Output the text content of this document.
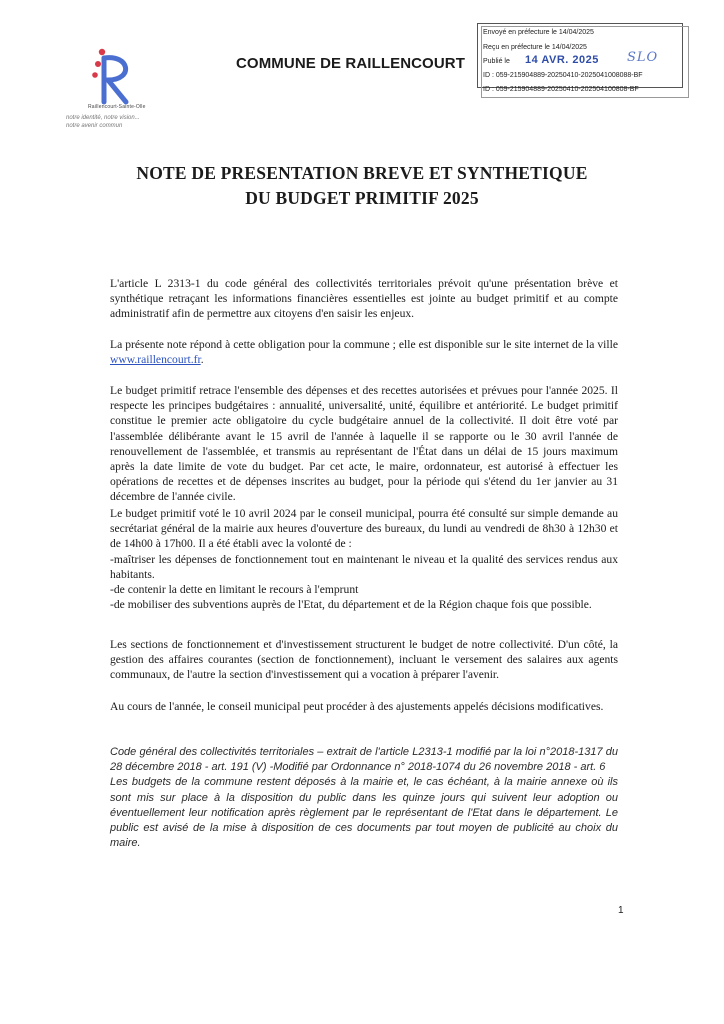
Raillencourt-Sainte-Olle
notre identité, notre vision...
notre avenir commun
COMMUNE DE RAILLENCOURT
Envoyé en préfecture le 14/04/2025
Reçu en préfecture le 14/04/2025
Publié le 14 AVR. 2025 SLO
ID : 059-215904889-20250410-2025041008088-BF
ID : 059-215904889-20250410-202504100808-BF
NOTE DE PRESENTATION BREVE ET SYNTHETIQUE
DU BUDGET PRIMITIF 2025

L'article L 2313-1 du code général des collectivités territoriales prévoit qu'une présentation brève et synthétique retraçant les informations financières essentielles est jointe au budget primitif et au compte administratif afin de permettre aux citoyens d'en saisir les enjeux.

La présente note répond à cette obligation pour la commune ; elle est disponible sur le site internet de la ville www.raillencourt.fr.

Le budget primitif retrace l'ensemble des dépenses et des recettes autorisées et prévues pour l'année 2025. Il respecte les principes budgétaires : annualité, universalité, unité, équilibre et antériorité. Le budget primitif constitue le premier acte obligatoire du cycle budgétaire annuel de la collectivité. Il doit être voté par l'assemblée délibérante avant le 15 avril de l'année à laquelle il se rapporte ou le 30 avril l'année de renouvellement de l'assemblée, et transmis au représentant de l'État dans un délai de 15 jours maximum après la date limite de vote du budget. Par cet acte, le maire, ordonnateur, est autorisé à effectuer les opérations de recettes et de dépenses inscrites au budget, pour la période qui s'étend du 1er janvier au 31 décembre de l'année civile.

Le budget primitif voté le 10 avril 2024 par le conseil municipal, pourra été consulté sur simple demande au secrétariat général de la mairie aux heures d'ouverture des bureaux, du lundi au vendredi de 8h30 à 12h30 et de 14h00 à 17h00. Il a été établi avec la volonté de :

-maîtriser les dépenses de fonctionnement tout en maintenant le niveau et la qualité des services rendus aux habitants.

-de contenir la dette en limitant le recours à l'emprunt

-de mobiliser des subventions auprès de l'Etat, du département et de la Région chaque fois que possible.

Les sections de fonctionnement et d'investissement structurent le budget de notre collectivité. D'un côté, la gestion des affaires courantes (section de fonctionnement), incluant le versement des salaires aux agents communaux, de l'autre la section d'investissement qui a vocation à préparer l'avenir.

Au cours de l'année, le conseil municipal peut procéder à des ajustements appelés décisions modificatives.

Code général des collectivités territoriales – extrait de l'article L2313-1 modifié par la loi n°2018-1317 du 28 décembre 2018 - art. 191 (V) -Modifié par Ordonnance n° 2018-1074 du 26 novembre 2018 - art. 6

Les budgets de la commune restent déposés à la mairie et, le cas échéant, à la mairie annexe où ils sont mis sur place à la disposition du public dans les quinze jours qui suivent leur adoption ou éventuellement leur notification après règlement par le représentant de l'Etat dans le département. Le public est avisé de la mise à disposition de ces documents par tout moyen de publicité au choix du maire.

1
